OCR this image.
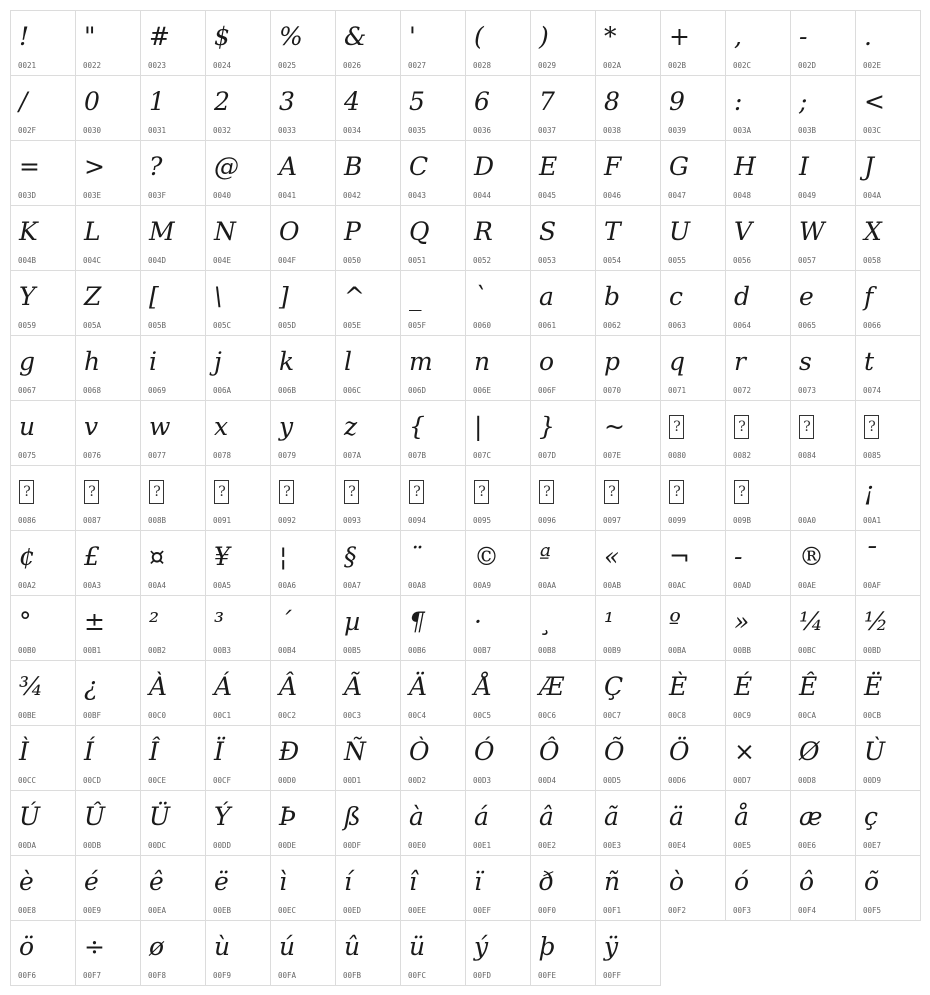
!
0021
"
0022
#
0023
$
0024
%
0025
&
0026
'
0027
(
0028
)
0029
*
002A
+
002B
,
002C
-
002D
.
002E
/
002F
0
0030
1
0031
2
0032
3
0033
4
0034
5
0035
6
0036
7
0037
8
0038
9
0039
:
003A
;
003B
<
003C
=
003D
>
003E
?
003F
@
0040
A
0041
B
0042
C
0043
D
0044
E
0045
F
0046
G
0047
H
0048
I
0049
J
004A
K
004B
L
004C
M
004D
N
004E
O
004F
P
0050
Q
0051
R
0052
S
0053
T
0054
U
0055
V
0056
W
0057
X
0058
Y
0059
Z
005A
[
005B
\
005C
]
005D
^
005E
_
005F
`
0060
a
0061
b
0062
c
0063
d
0064
e
0065
f
0066
g
0067
h
0068
i
0069
j
006A
k
006B
l
006C
m
006D
n
006E
o
006F
p
0070
q
0071
r
0072
s
0073
t
0074
u
0075
v
0076
w
0077
x
0078
y
0079
z
007A
{
007B
|
007C
}
007D
~
007E
?
0080
?
0082
?
0084
?
0085
?
0086
?
0087
?
008B
?
0091
?
0092
?
0093
?
0094
?
0095
?
0096
?
0097
?
0099
?
009B	00A0
¡
00A1
¢
00A2
£
00A3
¤
00A4
¥
00A5
¦
00A6
§
00A7
¨
00A8
©
00A9
ª
00AA
«
00AB
¬
00AC
-
00AD
®
00AE
¯
00AF
°
00B0
±
00B1
²
00B2
³
00B3
´
00B4
µ
00B5
¶
00B6
·
00B7
¸
00B8
¹
00B9
º
00BA
»
00BB
¼
00BC
½
00BD
¾
00BE
¿
00BF
À
00C0
Á
00C1
Â
00C2
Ã
00C3
Ä
00C4
Å
00C5
Æ
00C6
Ç
00C7
È
00C8
É
00C9
Ê
00CA
Ë
00CB
Ì
00CC
Í
00CD
Î
00CE
Ï
00CF
Ð
00D0
Ñ
00D1
Ò
00D2
Ó
00D3
Ô
00D4
Õ
00D5
Ö
00D6
×
00D7
Ø
00D8
Ù
00D9
Ú
00DA
Û
00DB
Ü
00DC
Ý
00DD
Þ
00DE
ß
00DF
à
00E0
á
00E1
â
00E2
ã
00E3
ä
00E4
å
00E5
æ
00E6
ç
00E7
è
00E8
é
00E9
ê
00EA
ë
00EB
ì
00EC
í
00ED
î
00EE
ï
00EF
ð
00F0
ñ
00F1
ò
00F2
ó
00F3
ô
00F4
õ
00F5
ö
00F6
÷
00F7
ø
00F8
ù
00F9
ú
00FA
û
00FB
ü
00FC
ý
00FD
þ
00FE
ÿ
00FF
